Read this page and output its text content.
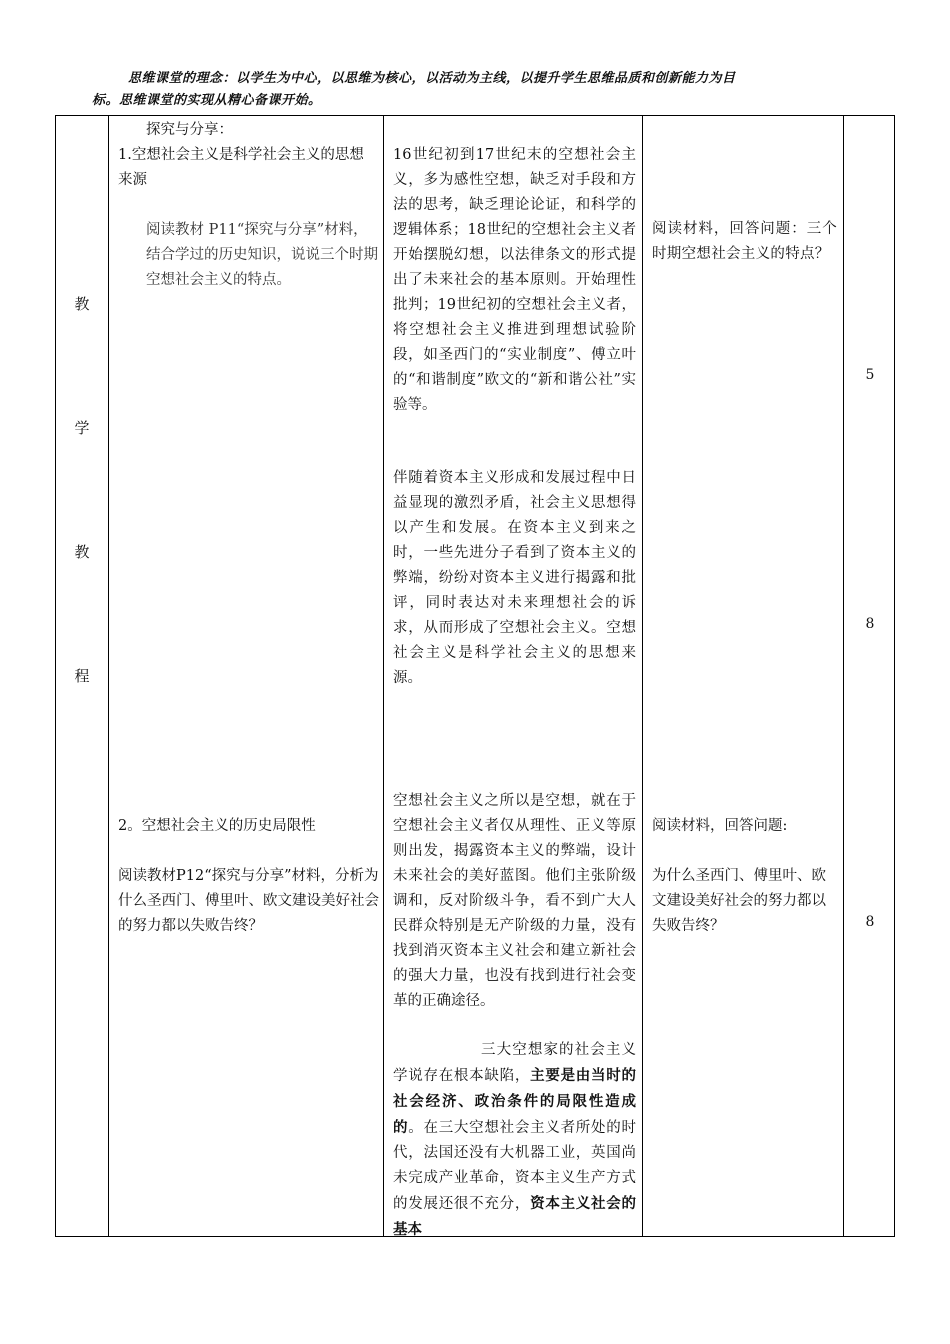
思维课堂的理念：以学生为中心，以思维为核心，以活动为主线，以提升学生思维品质和创新能力为目
标。思维课堂的实现从精心备课开始。
教
学
教
程
探究与分享：
1.空想社会主义是科学社会主义的思想来源
阅读教材 P11“探究与分享”材料，结合学过的历史知识，说说三个时期空想社会主义的特点。
2。空想社会主义的历史局限性
阅读教材P12“探究与分享”材料，分析为什么圣西门、傅里叶、欧文建设美好社会的努力都以失败告终？
16世纪初到17世纪末的空想社会主义，多为感性空想，缺乏对手段和方法的思考，缺乏理论论证，和科学的逻辑体系；18世纪的空想社会主义者开始摆脱幻想，以法律条文的形式提出了未来社会的基本原则。开始理性批判；19世纪初的空想社会主义者，将空想社会主义推进到理想试验阶段，如圣西门的“实业制度”、傅立叶的“和谐制度”欧文的“新和谐公社”实验等。
伴随着资本主义形成和发展过程中日益显现的激烈矛盾，社会主义思想得以产生和发展。在资本主义到来之时，一些先进分子看到了资本主义的弊端，纷纷对资本主义进行揭露和批评，同时表达对未来理想社会的诉求，从而形成了空想社会主义。空想社会主义是科学社会主义的思想来源。
空想社会主义之所以是空想，就在于空想社会主义者仅从理性、正义等原则出发，揭露资本主义的弊端，设计未来社会的美好蓝图。他们主张阶级调和，反对阶级斗争，看不到广大人民群众特别是无产阶级的力量，没有找到消灭资本主义社会和建立新社会的强大力量，也没有找到进行社会变革的正确途径。
三大空想家的社会主义学说存在根本缺陷，主要是由当时的社会经济、政治条件的局限性造成的。在三大空想社会主义者所处的时代，法国还没有大机器工业，英国尚未完成产业革命，资本主义生产方式的发展还很不充分，资本主义社会的基本
阅读材料，回答问题：三个时期空想社会主义的特点？
阅读材料，回答问题:
为什么圣西门、傅里叶、欧文建设美好社会的努力都以失败告终？
5
8
8
